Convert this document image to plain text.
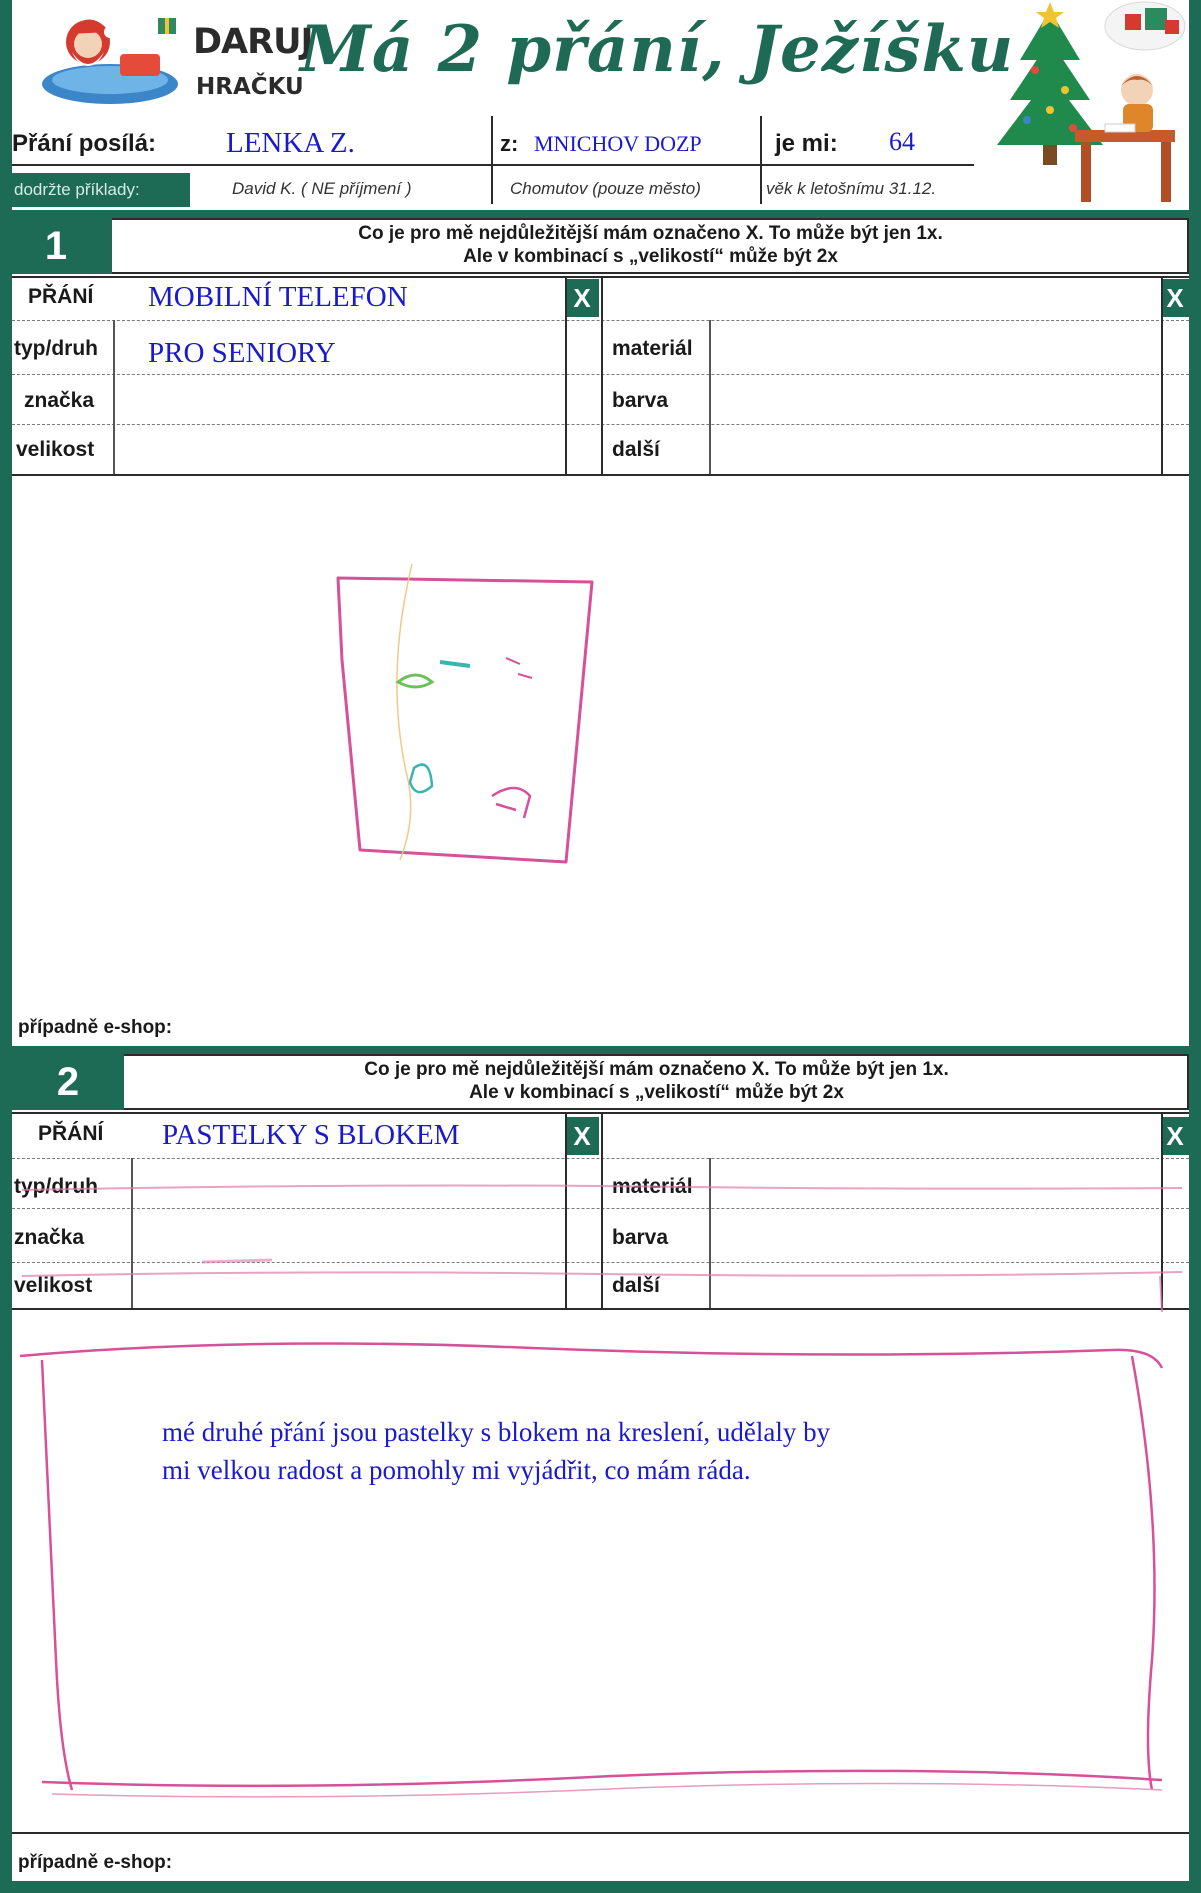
DARUJ
HRAČKU
Má 2 přání, Ježíšku
Přání posílá: LENKA Z.	z: MNICHOV DOZP	je mi: 64
dodržte příklady:	David K. ( NE příjmení )	Chomutov (pouze město)	věk k letošnímu 31.12.
1	Co je pro mě nejdůležitější mám označeno X. To může být jen 1x.
Ale v kombinací s „velikostí“ může být 2x
PŘÁNÍ MOBILNÍ TELEFON	X	X
typ/druh PRO SENIORY	materiál
značka	barva
velikost	další
případně e-shop:
2	Co je pro mě nejdůležitější mám označeno X. To může být jen 1x.
Ale v kombinací s „velikostí“ může být 2x
PŘÁNÍ PASTELKY S BLOKEM	X	X
typ/druh	materiál
značka	barva
velikost	další
mé druhé přání jsou pastelky s blokem na kreslení, udělaly by
mi velkou radost a pomohly mi vyjádřit, co mám ráda.
případně e-shop:
